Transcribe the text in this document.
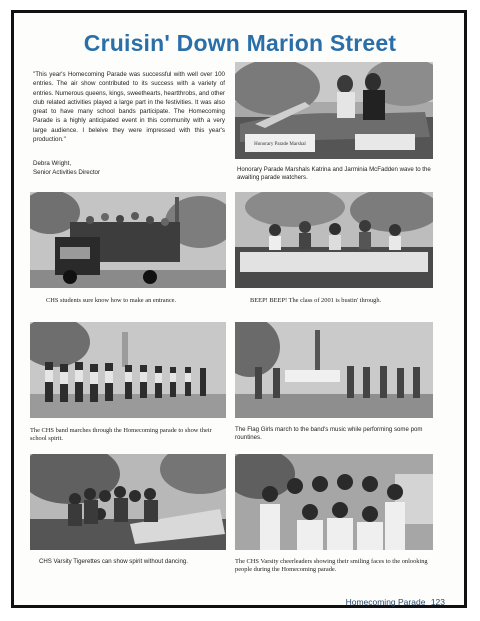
Cruisin' Down Marion Street
"This year's Homecoming Parade was successful with well over 100 entries. The air show contributed to its success with a variety of entries. Numerous queens, kings, sweethearts, heartthrobs, and other club related activities played a large part in the festivities. It was also great to have many school bands participate. The Homecoming Parade is a highly anticipated event in this community with a very large audience. I beleive they were impressed with this year's production."
Debra Wright,
Senior Activities Director
Honorary Parade Marshal
Honorary Parade Marshals Katrina and Jarminia McFadden wave to the awaiting parade watchers.
CHS students sure know how to make an entrance.	BEEP! BEEP! The class of 2001 is bustin' through.
The CHS band marches through the Homecoming parade to show their school spirit.
The Flag Girls march to the band's music while performing some pom rountines.
CHS Varsity Tigerettes can show spirit without dancing.	The CHS Varsity cheerleaders showing their smiling faces to the onlooking people during the Homecoming parade.
Homecoming Parade 123
